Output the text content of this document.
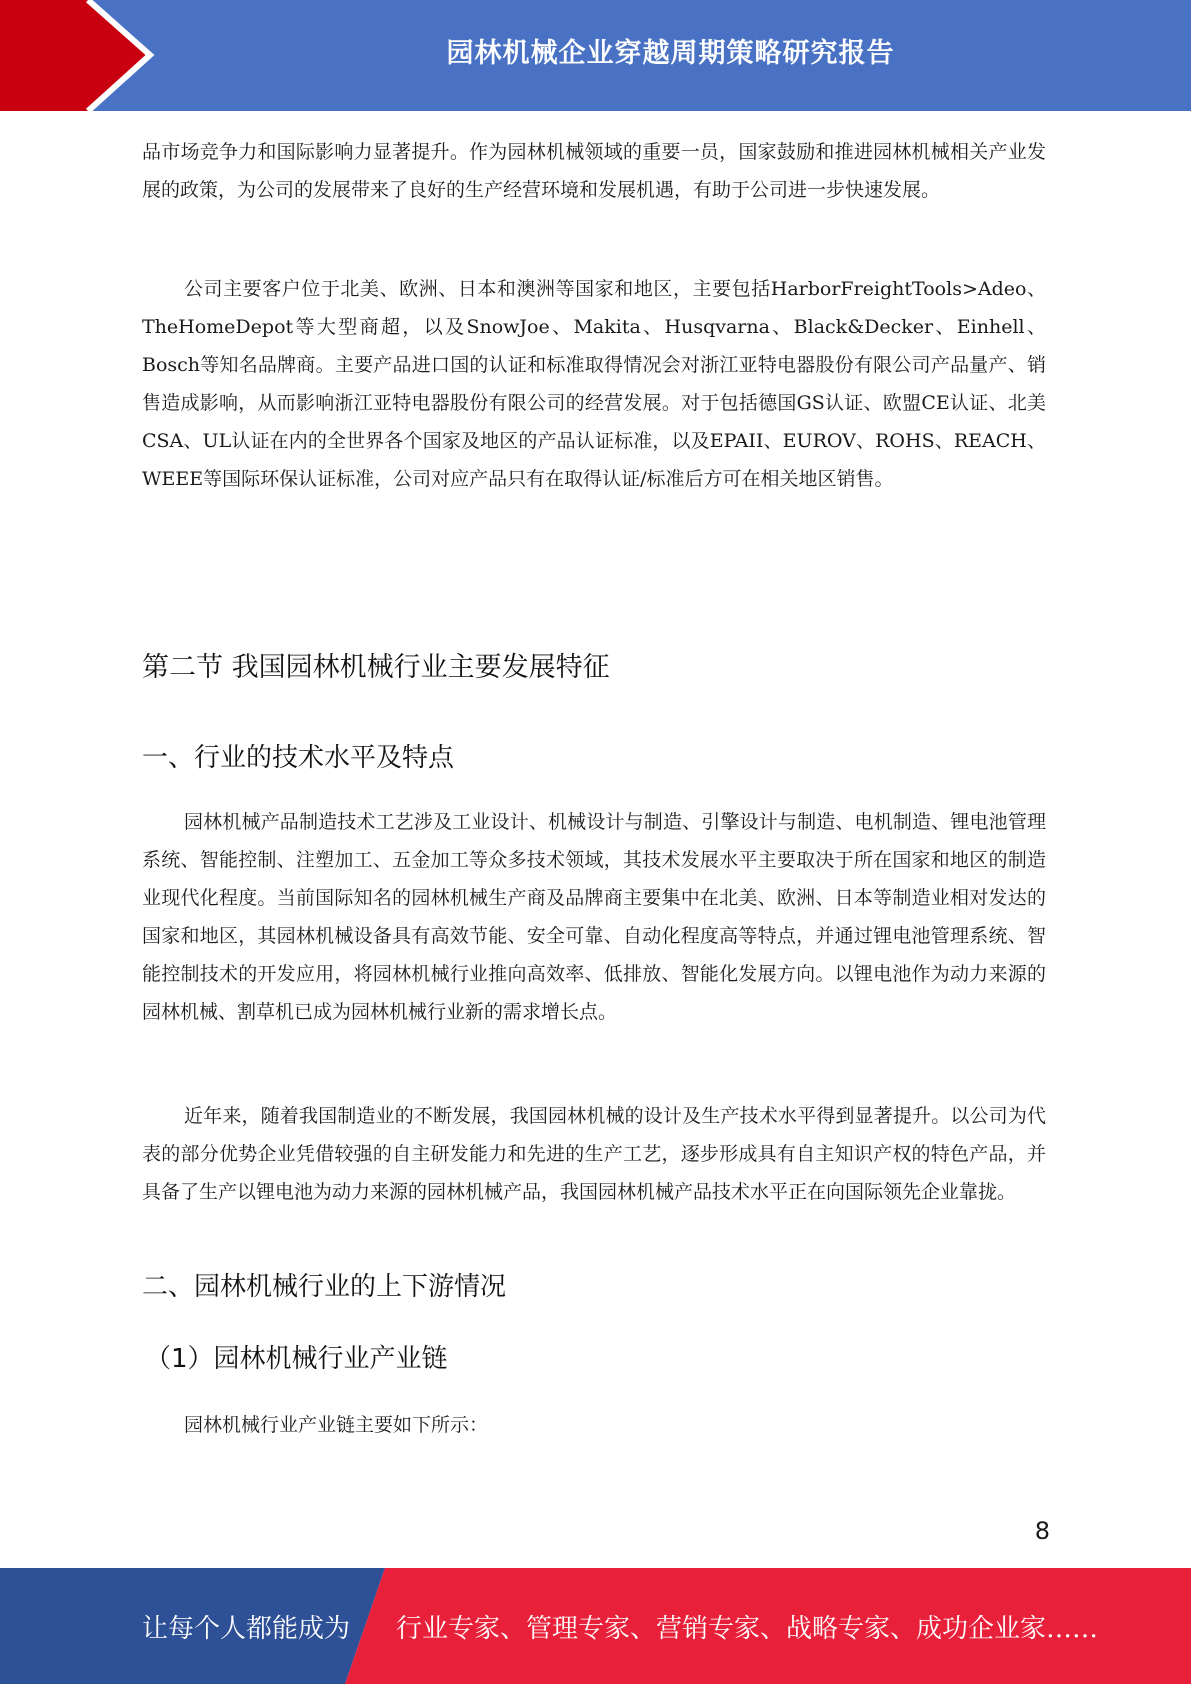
园林机械企业穿越周期策略研究报告

品市场竞争力和国际影响力显著提升。作为园林机械领域的重要一员，国家鼓励和推进园林机械相关产业发展的政策，为公司的发展带来了良好的生产经营环境和发展机遇，有助于公司进一步快速发展。

公司主要客户位于北美、欧洲、日本和澳洲等国家和地区，主要包括HarborFreightTools>Adeo、TheHomeDepot等大型商超，以及SnowJoe、Makita、Husqvarna、Black&Decker、Einhell、Bosch等知名品牌商。主要产品进口国的认证和标准取得情况会对浙江亚特电器股份有限公司产品量产、销售造成影响，从而影响浙江亚特电器股份有限公司的经营发展。对于包括德国GS认证、欧盟CE认证、北美CSA、UL认证在内的全世界各个国家及地区的产品认证标准，以及EPAII、EUROV、ROHS、REACH、WEEE等国际环保认证标准，公司对应产品只有在取得认证/标准后方可在相关地区销售。

第二节 我国园林机械行业主要发展特征
一、行业的技术水平及特点

园林机械产品制造技术工艺涉及工业设计、机械设计与制造、引擎设计与制造、电机制造、锂电池管理系统、智能控制、注塑加工、五金加工等众多技术领域，其技术发展水平主要取决于所在国家和地区的制造业现代化程度。当前国际知名的园林机械生产商及品牌商主要集中在北美、欧洲、日本等制造业相对发达的国家和地区，其园林机械设备具有高效节能、安全可靠、自动化程度高等特点，并通过锂电池管理系统、智能控制技术的开发应用，将园林机械行业推向高效率、低排放、智能化发展方向。以锂电池作为动力来源的园林机械、割草机已成为园林机械行业新的需求增长点。

近年来，随着我国制造业的不断发展，我国园林机械的设计及生产技术水平得到显著提升。以公司为代表的部分优势企业凭借较强的自主研发能力和先进的生产工艺，逐步形成具有自主知识产权的特色产品，并具备了生产以锂电池为动力来源的园林机械产品，我国园林机械产品技术水平正在向国际领先企业靠拢。

二、园林机械行业的上下游情况
（1）园林机械行业产业链

园林机械行业产业链主要如下所示：

8
让每个人都能成为 行业专家、管理专家、营销专家、战略专家、成功企业家……
